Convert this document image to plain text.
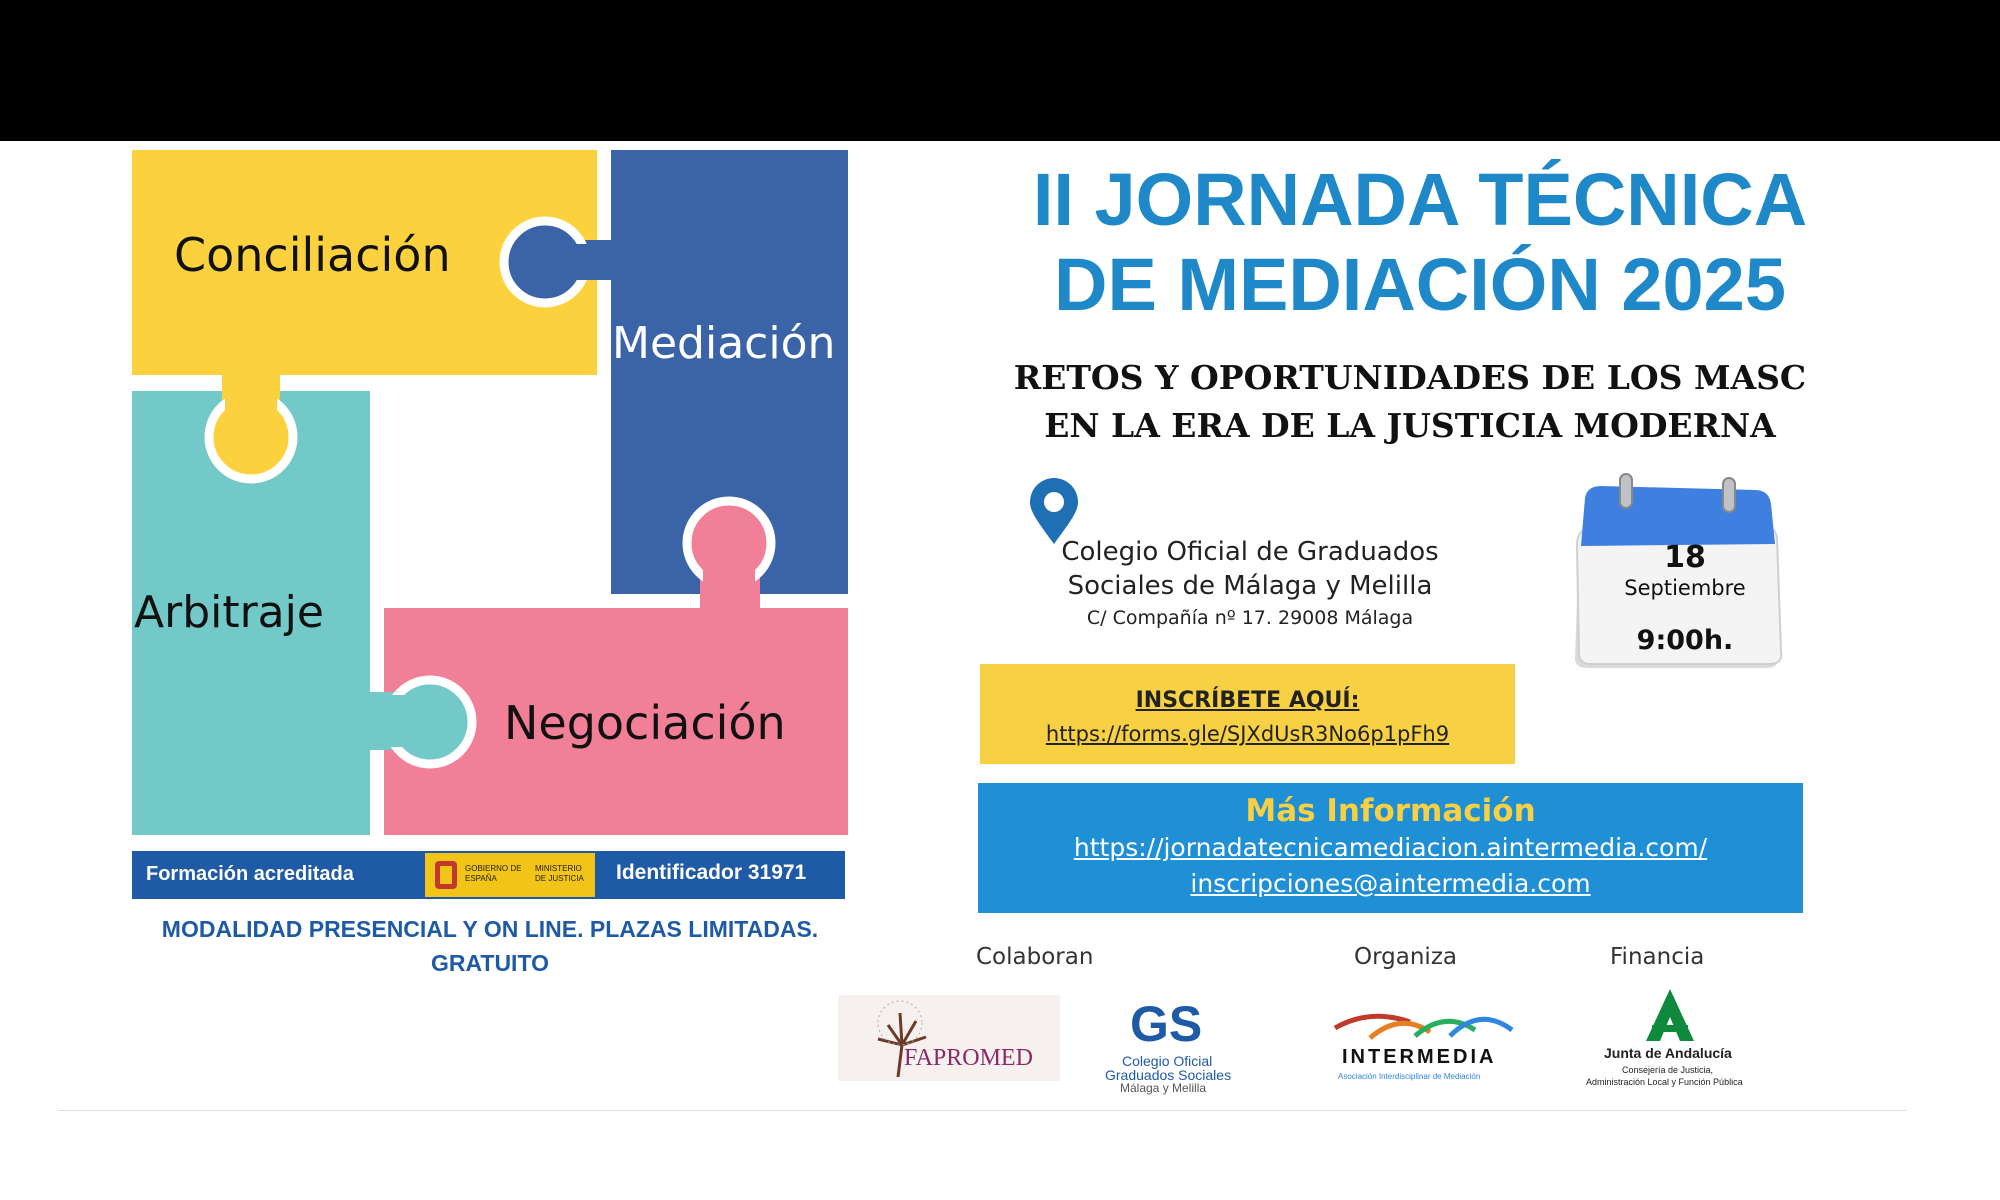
Conciliación
Mediación
Arbitraje
Negociación
Formación acreditada	GOBIERNO DE ESPAÑA
MINISTERIO DE JUSTICIA	Identificador 31971
MODALIDAD PRESENCIAL Y ON LINE. PLAZAS LIMITADAS.
GRATUITO
II JORNADA TÉCNICA
DE MEDIACIÓN 2025
RETOS Y OPORTUNIDADES DE LOS MASC
EN LA ERA DE LA JUSTICIA MODERNA
Colegio Oficial de Graduados
Sociales de Málaga y Melilla
C/ Compañía nº 17. 29008 Málaga
18
Septiembre
9:00h.
INSCRÍBETE AQUÍ:
https://forms.gle/SJXdUsR3No6p1pFh9
Más Información
https://jornadatecnicamediacion.aintermedia.com/
inscripciones@aintermedia.com
Colaboran	Organiza	Financia
FAPROMED
GS
Colegio Oficial
Graduados Sociales
Málaga y Melilla
INTERMEDIA
Asociación Interdisciplinar de Mediación
Junta de Andalucía
Consejería de Justicia,
Administración Local y Función Pública
